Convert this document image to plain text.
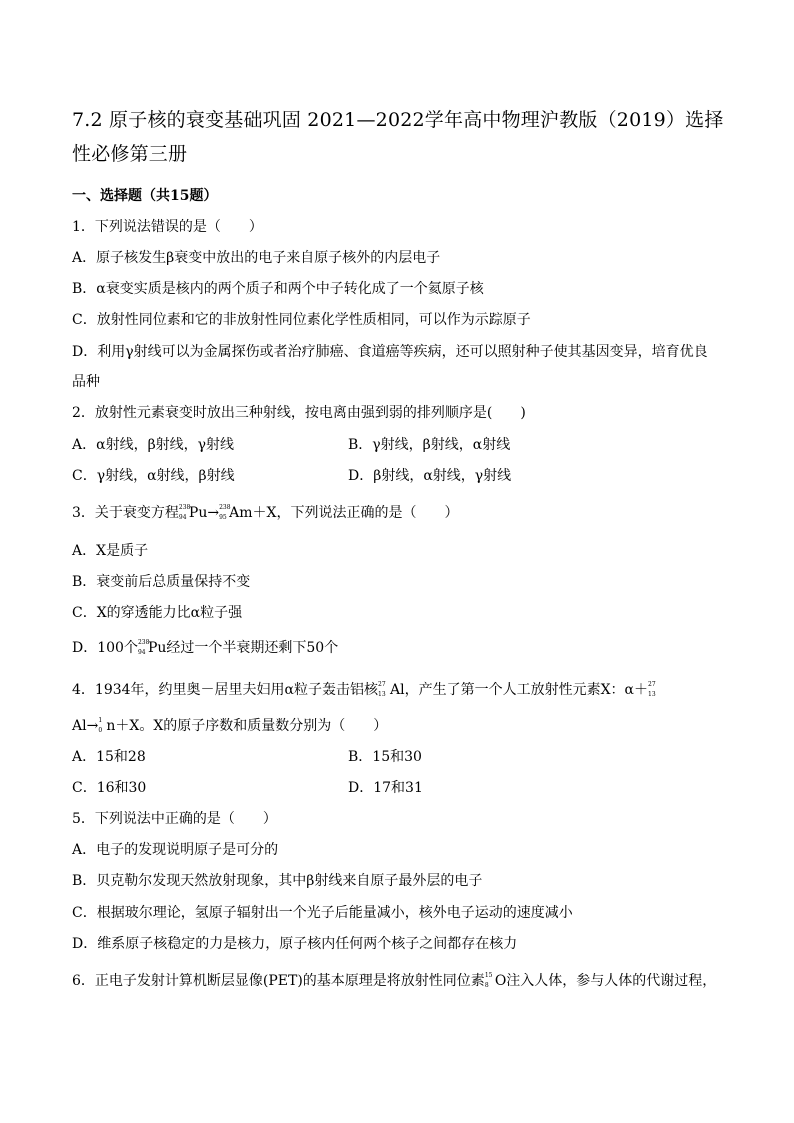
7.2 原子核的衰变基础巩固 2021—2022学年高中物理沪教版（2019）选择性必修第三册
一、选择题（共15题）
1．下列说法错误的是（　　）
A．原子核发生β衰变中放出的电子来自原子核外的内层电子
B．α衰变实质是核内的两个质子和两个中子转化成了一个氦原子核
C．放射性同位素和它的非放射性同位素化学性质相同，可以作为示踪原子
D．利用γ射线可以为金属探伤或者治疗肺癌、食道癌等疾病，还可以照射种子使其基因变异，培育优良
品种
2．放射性元素衰变时放出三种射线，按电离由强到弱的排列顺序是(　　)
A．α射线，β射线，γ射线	B．γ射线，β射线，α射线
C．γ射线，α射线，β射线	D．β射线，α射线，γ射线
3．关于衰变方程 238
94 Pu→ 238
95 Am＋X，下列说法正确的是（　　）
A．X是质子
B．衰变前后总质量保持不变
C．X的穿透能力比α粒子强
D．100个 238
94 Pu经过一个半衰期还剩下50个
4．1934年，约里奥－居里夫妇用α粒子轰击铝核 27
13 Al，产生了第一个人工放射性元素X：α＋ 27
13
Al→ 1
0 n＋X。X的原子序数和质量数分别为（　　）
A．15和28	B．15和30
C．16和30	D．17和31
5．下列说法中正确的是（　　）
A．电子的发现说明原子是可分的
B．贝克勒尔发现天然放射现象，其中β射线来自原子最外层的电子
C．根据玻尔理论，氢原子辐射出一个光子后能量减小，核外电子运动的速度减小
D．维系原子核稳定的力是核力，原子核内任何两个核子之间都存在核力
6．正电子发射计算机断层显像(PET)的基本原理是将放射性同位素 15
8 O注入人体，参与人体的代谢过程，
